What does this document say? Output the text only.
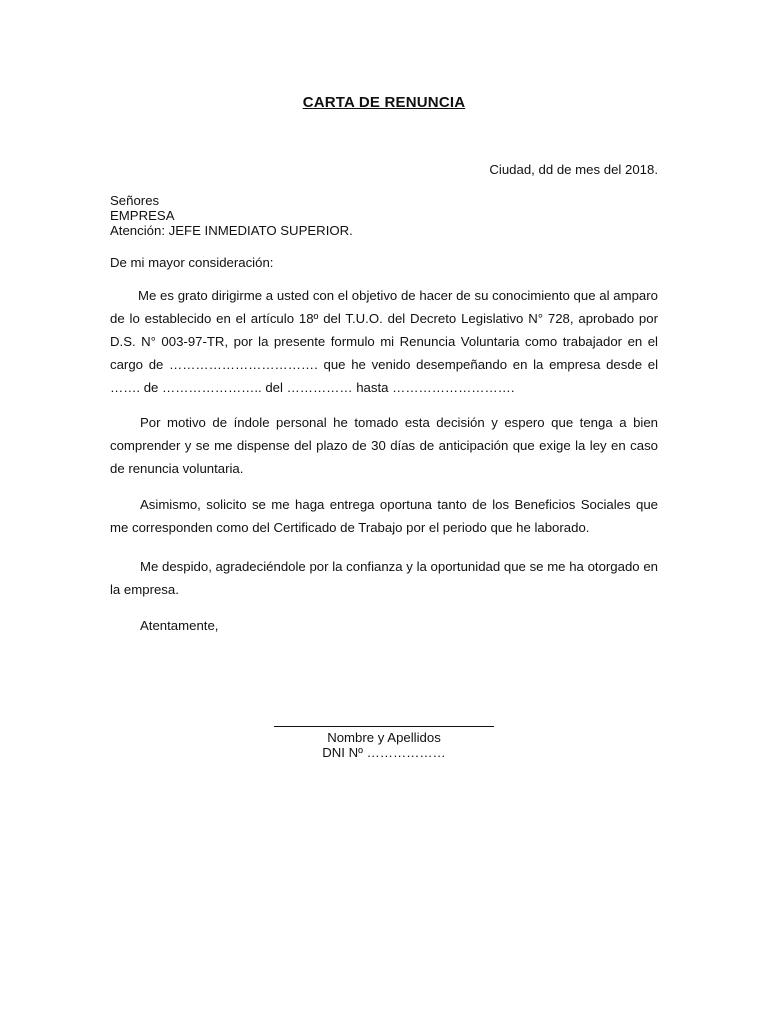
CARTA DE RENUNCIA
Ciudad, dd de mes del 2018.
Señores
EMPRESA
Atención: JEFE INMEDIATO SUPERIOR.
De mi mayor consideración:
Me es grato dirigirme a usted con el objetivo de hacer de su conocimiento que al amparo de lo establecido en el artículo 18º del T.U.O. del Decreto Legislativo N° 728, aprobado por D.S. N° 003-97-TR, por la presente formulo mi Renuncia Voluntaria como trabajador en el cargo de ……………………………. que he venido desempeñando en la empresa desde el ……. de ………………….. del …………… hasta ……………………….
Por motivo de índole personal he tomado esta decisión y espero que tenga a bien comprender y se me dispense del plazo de 30 días de anticipación que exige la ley en caso de renuncia voluntaria.
Asimismo, solicito se me haga entrega oportuna tanto de los Beneficios Sociales que me corresponden como del Certificado de Trabajo por el periodo que he laborado.
Me despido, agradeciéndole por la confianza y la oportunidad que se me ha otorgado en la empresa.
Atentamente,
Nombre y Apellidos
DNI Nº ………………
